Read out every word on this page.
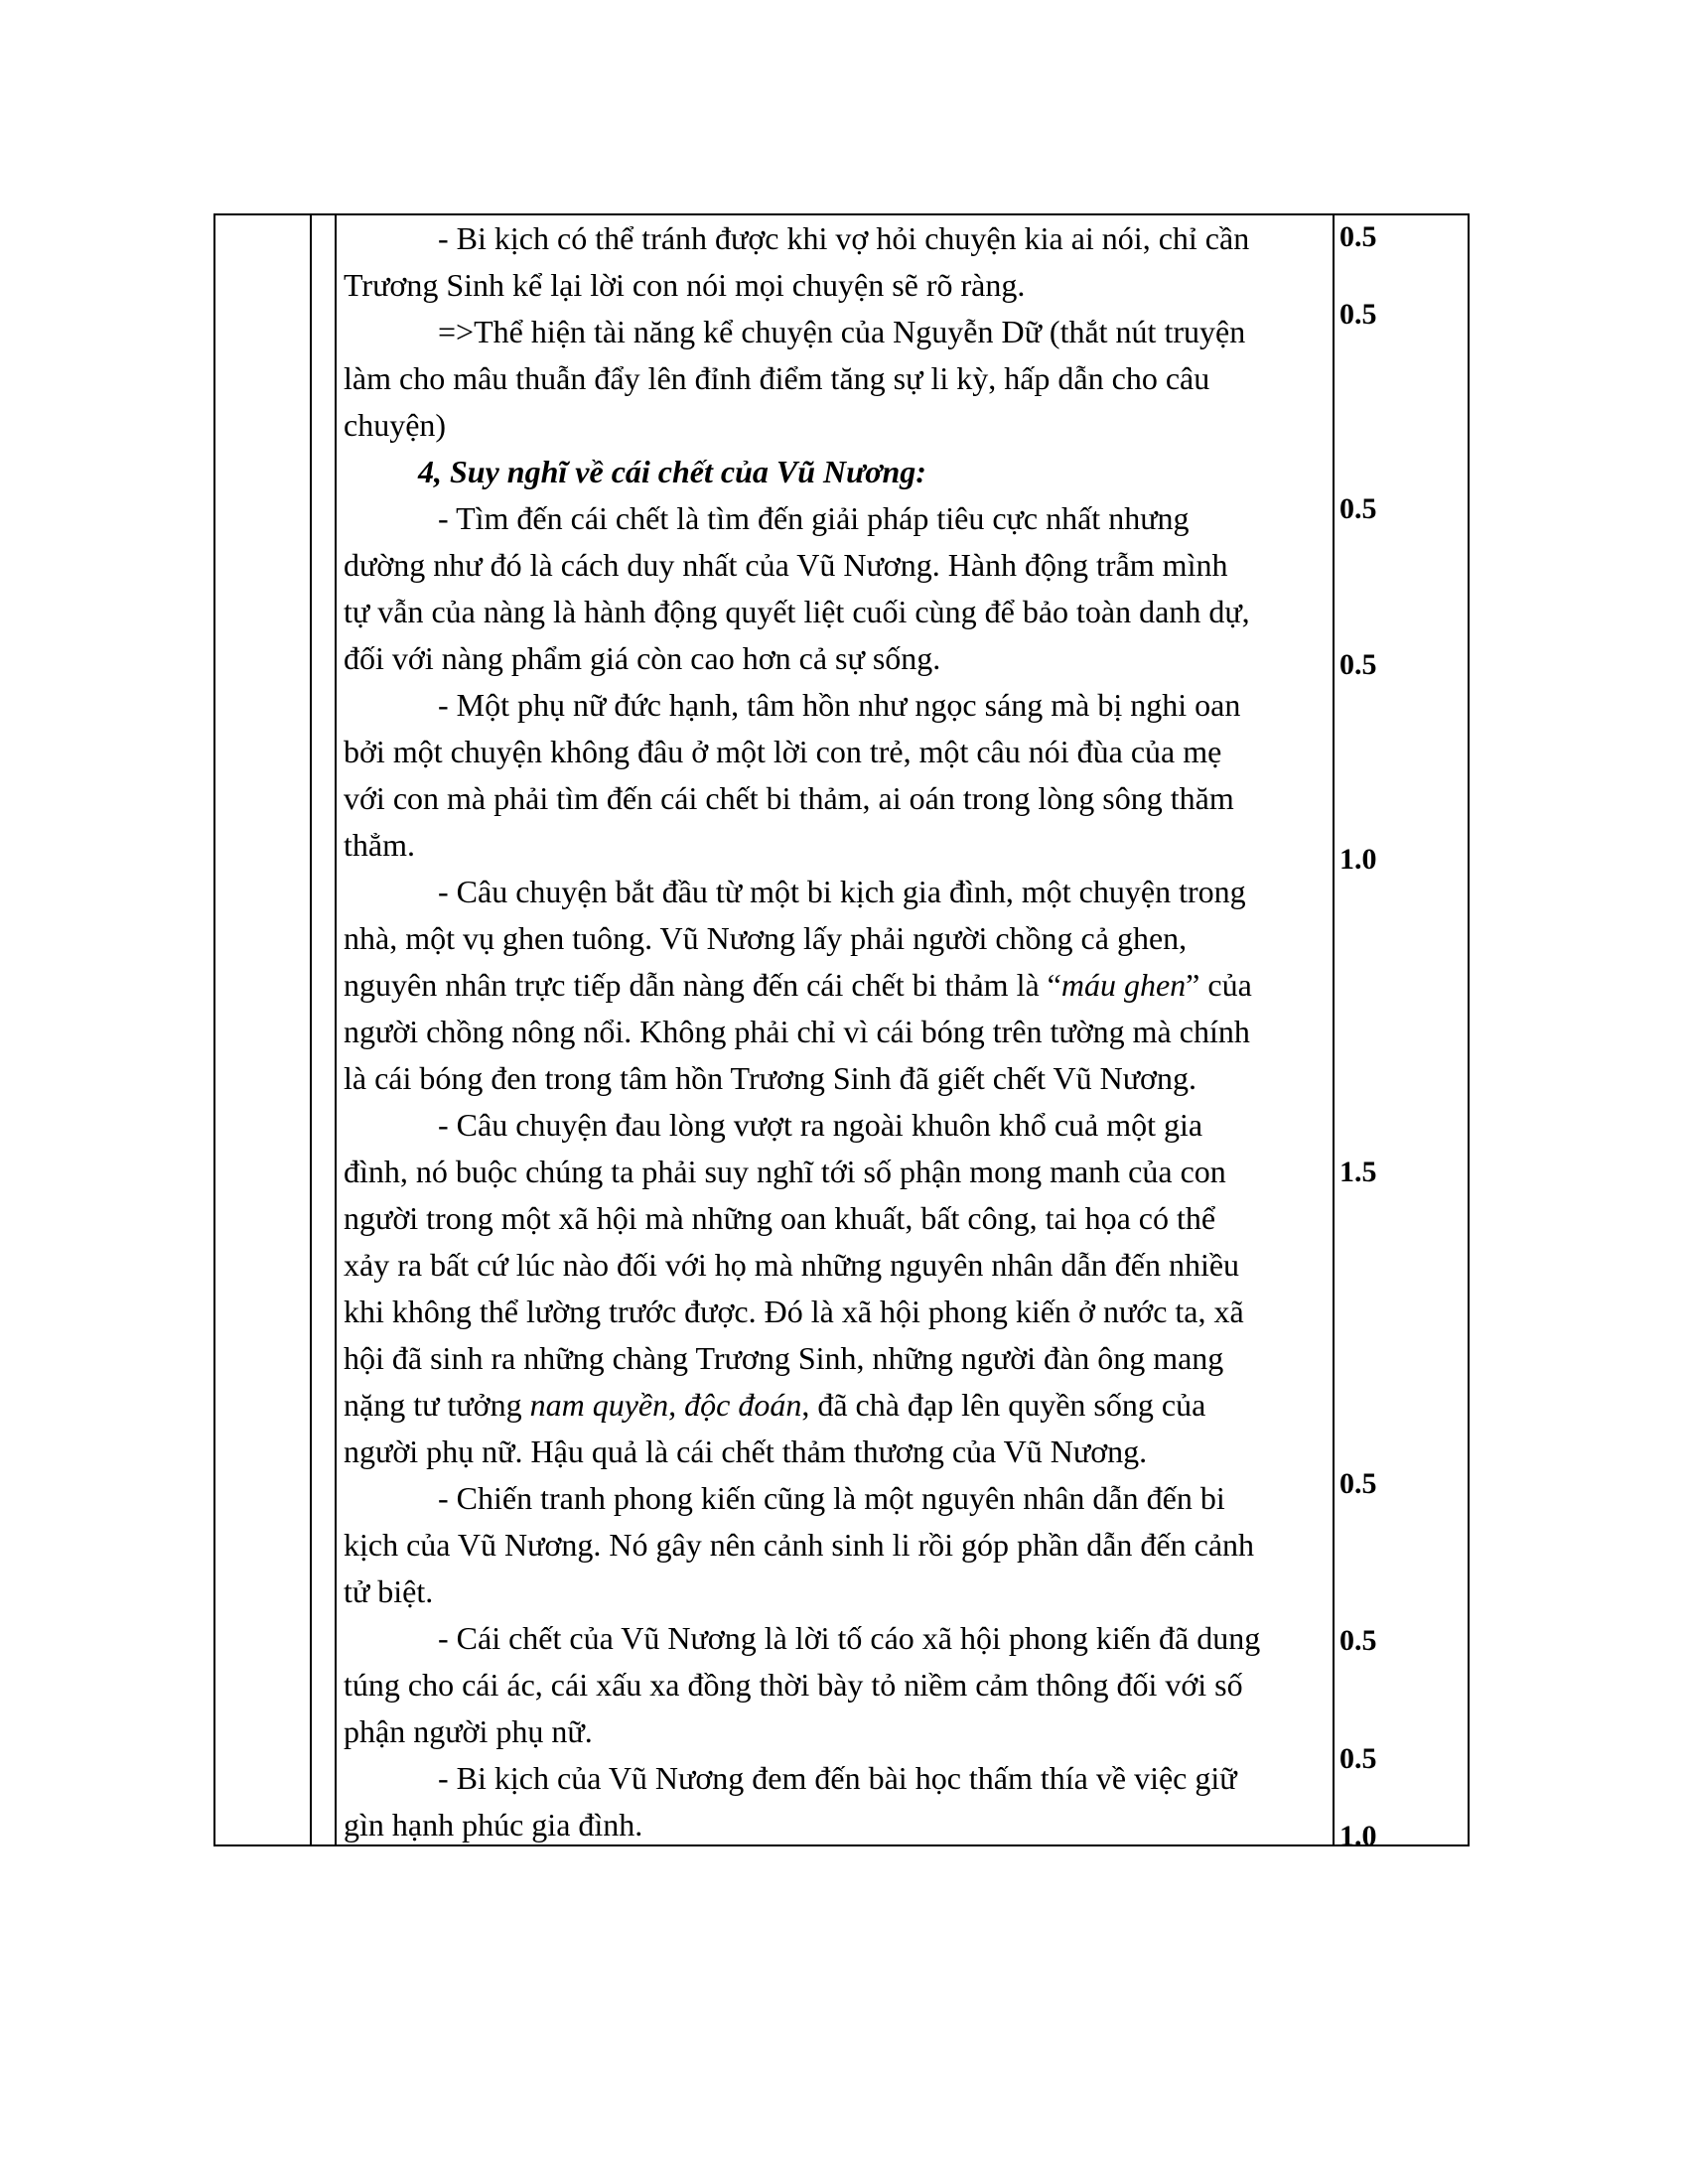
- Bi kịch có thể tránh được khi vợ hỏi chuyện kia ai nói, chỉ cần
Trương Sinh kể lại lời con nói mọi chuyện sẽ rõ ràng.
=>Thể hiện tài năng kể chuyện của Nguyễn Dữ (thắt nút truyện
làm cho mâu thuẫn đẩy lên đỉnh điểm tăng sự li kỳ, hấp dẫn cho câu
chuyện)
4, Suy nghĩ về cái chết của Vũ Nương:
- Tìm đến cái chết là tìm đến giải pháp tiêu cực nhất nhưng
dường như đó là cách duy nhất của Vũ Nương. Hành động trẫm mình
tự vẫn của nàng là hành động quyết liệt cuối cùng để bảo toàn danh dự,
đối với nàng phẩm giá còn cao hơn cả sự sống.
- Một phụ nữ đức hạnh, tâm hồn như ngọc sáng mà bị nghi oan
bởi một chuyện không đâu ở một lời con trẻ, một câu nói đùa của mẹ
với con mà phải tìm đến cái chết bi thảm, ai oán trong lòng sông thăm
thẳm.
- Câu chuyện bắt đầu từ một bi kịch gia đình, một chuyện trong
nhà, một vụ ghen tuông. Vũ Nương lấy phải người chồng cả ghen,
nguyên nhân trực tiếp dẫn nàng đến cái chết bi thảm là “máu ghen” của
người chồng nông nổi. Không phải chỉ vì cái bóng trên tường mà chính
là cái bóng đen trong tâm hồn Trương Sinh đã giết chết Vũ Nương.
- Câu chuyện đau lòng vượt ra ngoài khuôn khổ cuả một gia
đình, nó buộc chúng ta phải suy nghĩ tới số phận mong manh của con
người trong một xã hội mà những oan khuất, bất công, tai họa có thể
xảy ra bất cứ lúc nào đối với họ mà những nguyên nhân dẫn đến nhiều
khi không thể lường trước được. Đó là xã hội phong kiến ở nước ta, xã
hội đã sinh ra những chàng Trương Sinh, những người đàn ông mang
nặng tư tưởng nam quyền, độc đoán, đã chà đạp lên quyền sống của
người phụ nữ. Hậu quả là cái chết thảm thương của Vũ Nương.
- Chiến tranh phong kiến cũng là một nguyên nhân dẫn đến bi
kịch của Vũ Nương. Nó gây nên cảnh sinh li rồi góp phần dẫn đến cảnh
tử biệt.
- Cái chết của Vũ Nương là lời tố cáo xã hội phong kiến đã dung
túng cho cái ác, cái xấu xa đồng thời bày tỏ niềm cảm thông đối với số
phận người phụ nữ.
- Bi kịch của Vũ Nương đem đến bài học thấm thía về việc giữ
gìn hạnh phúc gia đình.
0.5
0.5
0.5
0.5
1.0
1.5
0.5
0.5
0.5
1.0
